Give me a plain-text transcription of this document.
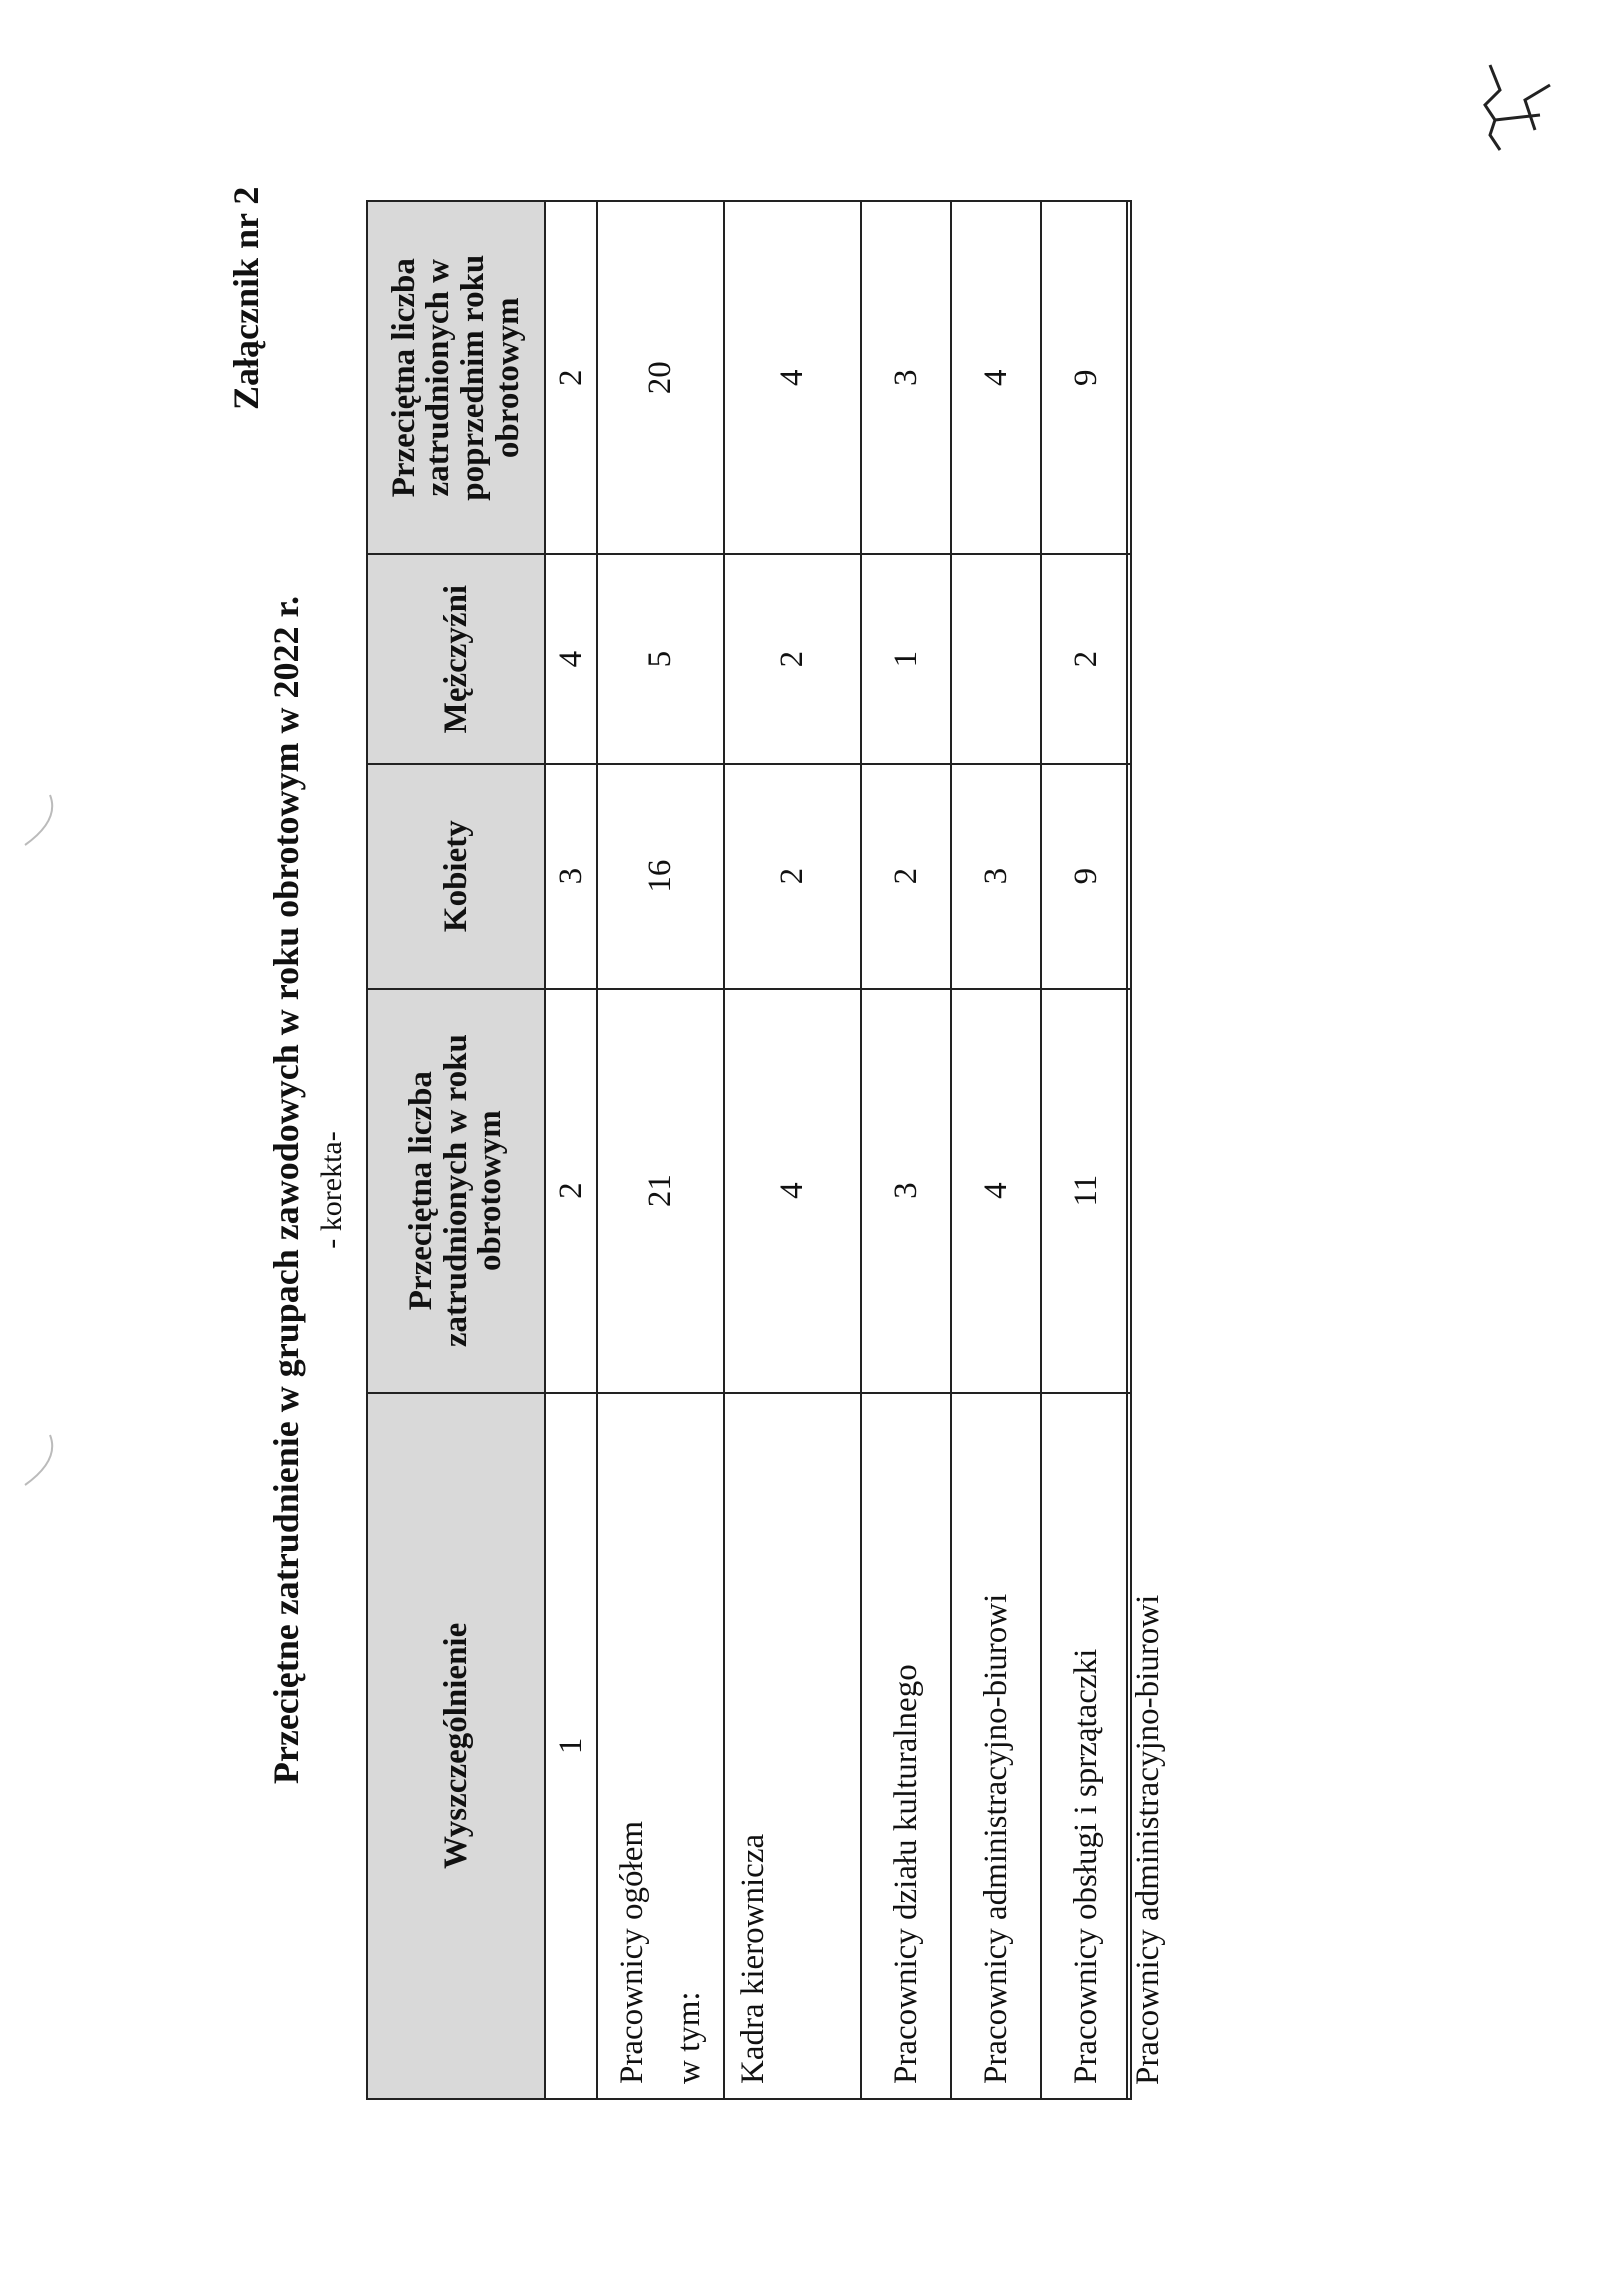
Załącznik nr 2
Przeciętne zatrudnienie w grupach zawodowych w roku obrotowym w 2022 r. - korekta-
Wyszczególnienie	Przeciętna liczba zatrudnionych w roku obrotowym	Kobiety	Mężczyźni	Przeciętna liczba zatrudnionych w poprzednim roku obrotowym
1	2	3	4	2

Pracownicy ogółem w tym:	21	16	5	20
Kadra kierownicza	4	2	2	4
Pracownicy działu kulturalnego	3	2	1	3
Pracownicy administracyjno-biurowi	4	3		4
Pracownicy obsługi i sprzątaczki	11	9	2	9
Pracownicy administracyjno-biurowi
